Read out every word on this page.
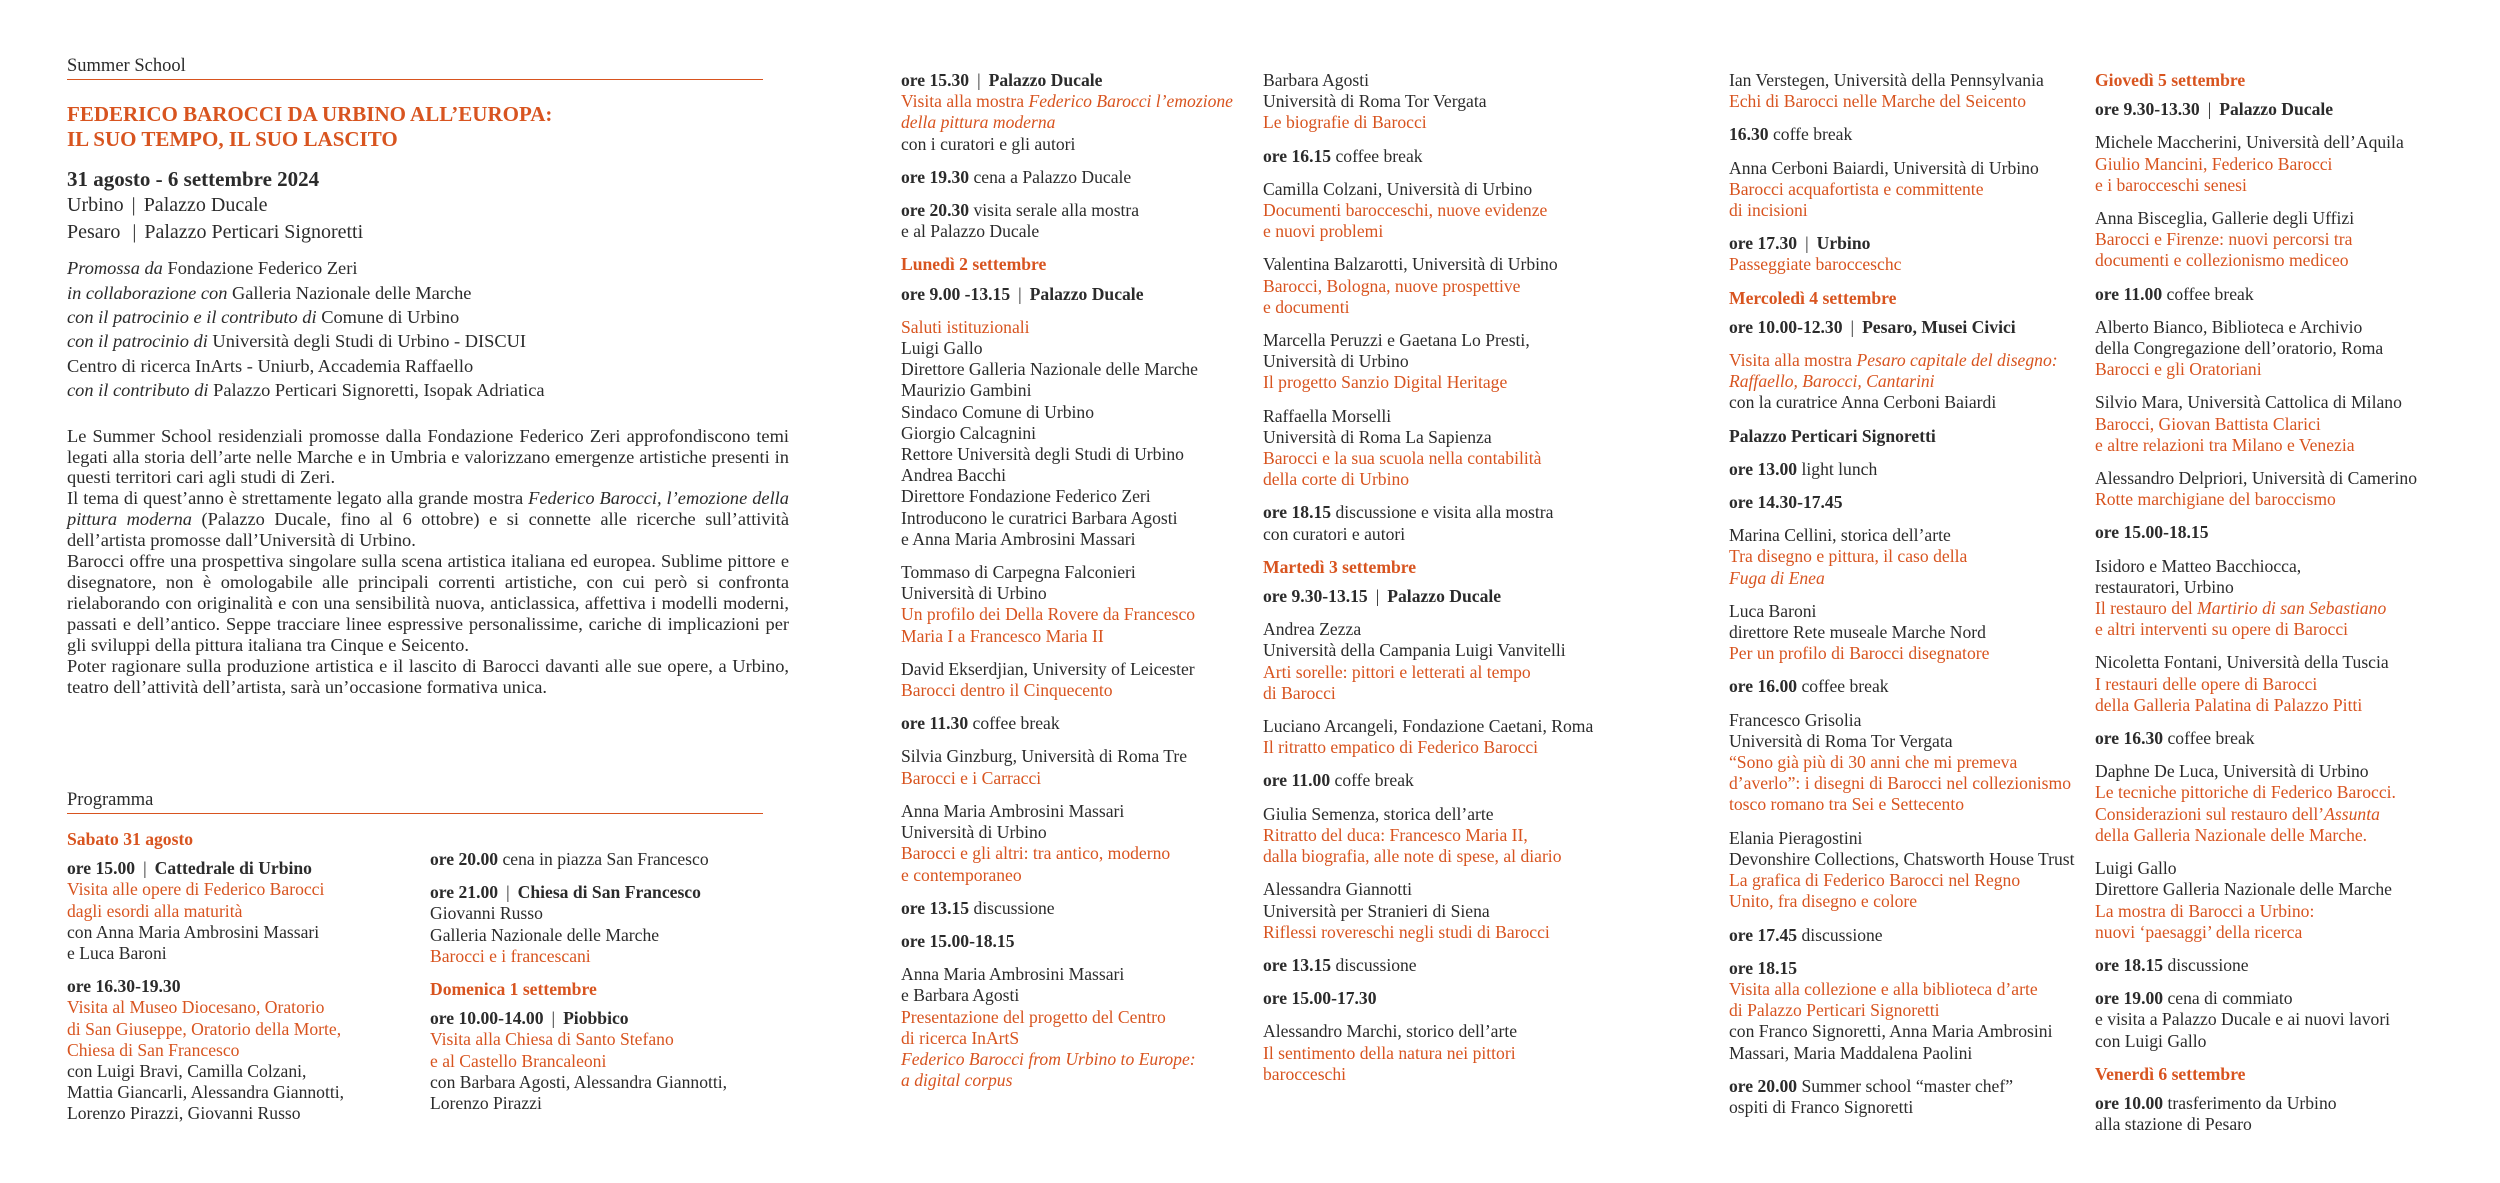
Summer School
FEDERICO BAROCCI DA URBINO ALL’EUROPA:
IL SUO TEMPO, IL SUO LASCITO
31 agosto - 6 settembre 2024
Urbino | Palazzo Ducale
Pesaro | Palazzo Perticari Signoretti
Promossa da Fondazione Federico Zeri
in collaborazione con Galleria Nazionale delle Marche
con il patrocinio e il contributo di Comune di Urbino
con il patrocinio di Università degli Studi di Urbino - DISCUI
Centro di ricerca InArts - Uniurb, Accademia Raffaello
con il contributo di Palazzo Perticari Signoretti, Isopak Adriatica
Le Summer School residenziali promosse dalla Fondazione Federico Zeri approfondiscono temi legati alla storia dell’arte nelle Marche e in Umbria e valorizzano emergenze artistiche presenti in questi territori cari agli studi di Zeri.
Il tema di quest’anno è strettamente legato alla grande mostra Federico Barocci, l’emozione della pittura moderna (Palazzo Ducale, fino al 6 ottobre) e si connette alle ricerche sull’attività dell’artista promosse dall’Università di Urbino.
Barocci offre una prospettiva singolare sulla scena artistica italiana ed europea. Sublime pittore e disegnatore, non è omologabile alle principali correnti artistiche, con cui però si confronta rielaborando con originalità e con una sensibilità nuova, anticlassica, affettiva i modelli moderni, passati e dell’antico. Seppe tracciare linee espressive personalissime, cariche di implicazioni per gli sviluppi della pittura italiana tra Cinque e Seicento.
Poter ragionare sulla produzione artistica e il lascito di Barocci davanti alle sue opere, a Urbino, teatro dell’attività dell’artista, sarà un’occasione formativa unica.
Programma
Sabato 31 agosto
ore 15.00 | Cattedrale di Urbino
Visita alle opere di Federico Barocci
dagli esordi alla maturità
con Anna Maria Ambrosini Massari
e Luca Baroni
ore 16.30-19.30
Visita al Museo Diocesano, Oratorio
di San Giuseppe, Oratorio della Morte,
Chiesa di San Francesco
con Luigi Bravi, Camilla Colzani,
Mattia Giancarli, Alessandra Giannotti,
Lorenzo Pirazzi, Giovanni Russo
ore 20.00 cena in piazza San Francesco
ore 21.00 | Chiesa di San Francesco
Giovanni Russo
Galleria Nazionale delle Marche
Barocci e i francescani
Domenica 1 settembre
ore 10.00-14.00 | Piobbico
Visita alla Chiesa di Santo Stefano
e al Castello Brancaleoni
con Barbara Agosti, Alessandra Giannotti,
Lorenzo Pirazzi
ore 15.30 | Palazzo Ducale
Visita alla mostra Federico Barocci l’emozione
della pittura moderna
con i curatori e gli autori
ore 19.30 cena a Palazzo Ducale
ore 20.30 visita serale alla mostra
e al Palazzo Ducale
Lunedì 2 settembre
ore 9.00 -13.15 | Palazzo Ducale
Saluti istituzionali
Luigi Gallo
Direttore Galleria Nazionale delle Marche
Maurizio Gambini
Sindaco Comune di Urbino
Giorgio Calcagnini
Rettore Università degli Studi di Urbino
Andrea Bacchi
Direttore Fondazione Federico Zeri
Introducono le curatrici Barbara Agosti
e Anna Maria Ambrosini Massari
Tommaso di Carpegna Falconieri
Università di Urbino
Un profilo dei Della Rovere da Francesco
Maria I a Francesco Maria II
David Ekserdjian, University of Leicester
Barocci dentro il Cinquecento
ore 11.30 coffee break
Silvia Ginzburg, Università di Roma Tre
Barocci e i Carracci
Anna Maria Ambrosini Massari
Università di Urbino
Barocci e gli altri: tra antico, moderno
e contemporaneo
ore 13.15 discussione
ore 15.00-18.15
Anna Maria Ambrosini Massari
e Barbara Agosti
Presentazione del progetto del Centro
di ricerca InArtS
Federico Barocci from Urbino to Europe:
a digital corpus
Barbara Agosti
Università di Roma Tor Vergata
Le biografie di Barocci
ore 16.15 coffee break
Camilla Colzani, Università di Urbino
Documenti barocceschi, nuove evidenze
e nuovi problemi
Valentina Balzarotti, Università di Urbino
Barocci, Bologna, nuove prospettive
e documenti
Marcella Peruzzi e Gaetana Lo Presti,
Università di Urbino
Il progetto Sanzio Digital Heritage
Raffaella Morselli
Università di Roma La Sapienza
Barocci e la sua scuola nella contabilità
della corte di Urbino
ore 18.15 discussione e visita alla mostra
con curatori e autori
Martedì 3 settembre
ore 9.30-13.15 | Palazzo Ducale
Andrea Zezza
Università della Campania Luigi Vanvitelli
Arti sorelle: pittori e letterati al tempo
di Barocci
Luciano Arcangeli, Fondazione Caetani, Roma
Il ritratto empatico di Federico Barocci
ore 11.00 coffe break
Giulia Semenza, storica dell’arte
Ritratto del duca: Francesco Maria II,
dalla biografia, alle note di spese, al diario
Alessandra Giannotti
Università per Stranieri di Siena
Riflessi rovereschi negli studi di Barocci
ore 13.15 discussione
ore 15.00-17.30
Alessandro Marchi, storico dell’arte
Il sentimento della natura nei pittori
barocceschi
Ian Verstegen, Università della Pennsylvania
Echi di Barocci nelle Marche del Seicento
16.30 coffe break
Anna Cerboni Baiardi, Università di Urbino
Barocci acquafortista e committente
di incisioni
ore 17.30 | Urbino
Passeggiate barocceschc
Mercoledì 4 settembre
ore 10.00-12.30 | Pesaro, Musei Civici
Visita alla mostra Pesaro capitale del disegno:
Raffaello, Barocci, Cantarini
con la curatrice Anna Cerboni Baiardi
Palazzo Perticari Signoretti
ore 13.00 light lunch
ore 14.30-17.45
Marina Cellini, storica dell’arte
Tra disegno e pittura, il caso della
Fuga di Enea
Luca Baroni
direttore Rete museale Marche Nord
Per un profilo di Barocci disegnatore
ore 16.00 coffee break
Francesco Grisolia
Università di Roma Tor Vergata
“Sono già più di 30 anni che mi premeva
d’averlo”: i disegni di Barocci nel collezionismo
tosco romano tra Sei e Settecento
Elania Pieragostini
Devonshire Collections, Chatsworth House Trust
La grafica di Federico Barocci nel Regno
Unito, fra disegno e colore
ore 17.45 discussione
ore 18.15
Visita alla collezione e alla biblioteca d’arte
di Palazzo Perticari Signoretti
con Franco Signoretti, Anna Maria Ambrosini
Massari, Maria Maddalena Paolini
ore 20.00 Summer school “master chef”
ospiti di Franco Signoretti
Giovedì 5 settembre
ore 9.30-13.30 | Palazzo Ducale
Michele Maccherini, Università dell’Aquila
Giulio Mancini, Federico Barocci
e i barocceschi senesi
Anna Bisceglia, Gallerie degli Uffizi
Barocci e Firenze: nuovi percorsi tra
documenti e collezionismo mediceo
ore 11.00 coffee break
Alberto Bianco, Biblioteca e Archivio
della Congregazione dell’oratorio, Roma
Barocci e gli Oratoriani
Silvio Mara, Università Cattolica di Milano
Barocci, Giovan Battista Clarici
e altre relazioni tra Milano e Venezia
Alessandro Delpriori, Università di Camerino
Rotte marchigiane del baroccismo
ore 15.00-18.15
Isidoro e Matteo Bacchiocca,
restauratori, Urbino
Il restauro del Martirio di san Sebastiano
e altri interventi su opere di Barocci
Nicoletta Fontani, Università della Tuscia
I restauri delle opere di Barocci
della Galleria Palatina di Palazzo Pitti
ore 16.30 coffee break
Daphne De Luca, Università di Urbino
Le tecniche pittoriche di Federico Barocci.
Considerazioni sul restauro dell’Assunta
della Galleria Nazionale delle Marche.
Luigi Gallo
Direttore Galleria Nazionale delle Marche
La mostra di Barocci a Urbino:
nuovi ‘paesaggi’ della ricerca
ore 18.15 discussione
ore 19.00 cena di commiato
e visita a Palazzo Ducale e ai nuovi lavori
con Luigi Gallo
Venerdì 6 settembre
ore 10.00 trasferimento da Urbino
alla stazione di Pesaro
